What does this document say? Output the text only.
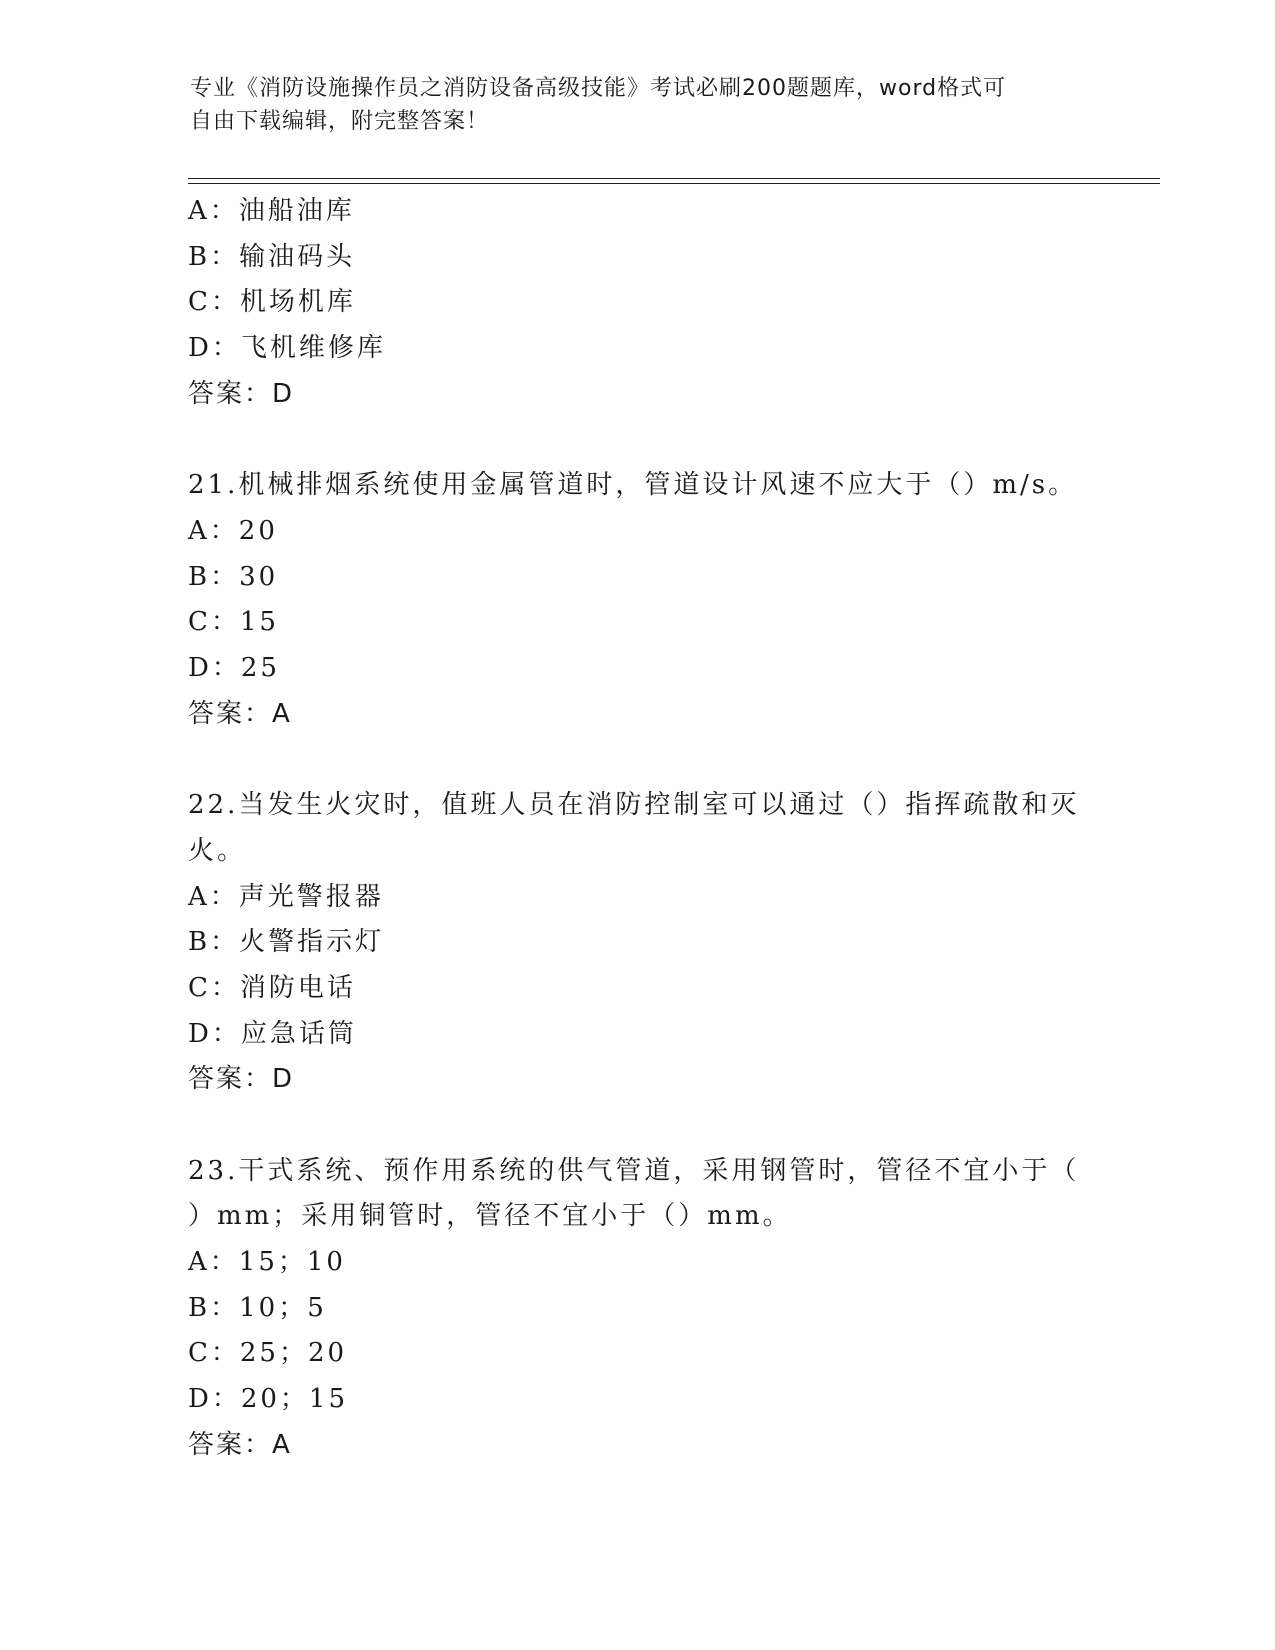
专业《消防设施操作员之消防设备高级技能》考试必刷200题题库，word格式可
自由下载编辑，附完整答案！
A：油船油库
B：输油码头
C：机场机库
D：飞机维修库
答案：D
21.机械排烟系统使用金属管道时，管道设计风速不应大于（）m/s。
A：20
B：30
C：15
D：25
答案：A
22.当发生火灾时，值班人员在消防控制室可以通过（）指挥疏散和灭
火。
A：声光警报器
B：火警指示灯
C：消防电话
D：应急话筒
答案：D
23.干式系统、预作用系统的供气管道，采用钢管时，管径不宜小于（
）mm；采用铜管时，管径不宜小于（）mm。
A：15；10
B：10；5
C：25；20
D：20；15
答案：A
